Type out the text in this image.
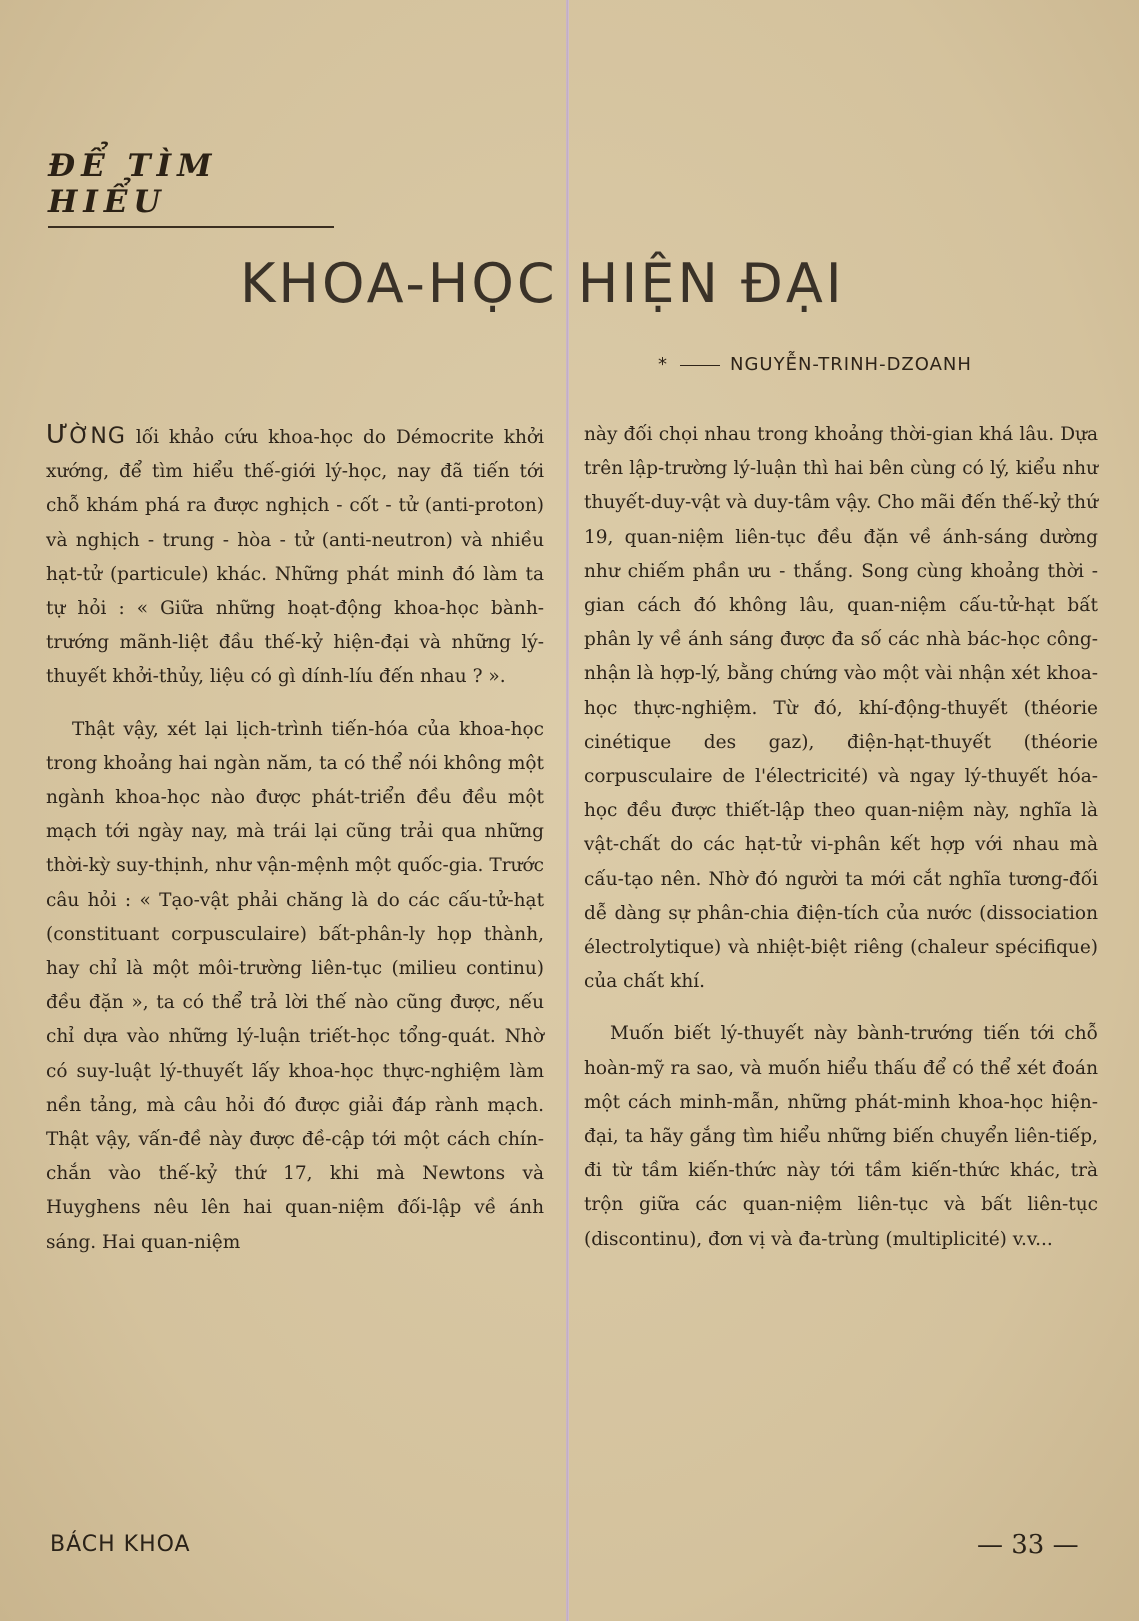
ĐỂ TÌM HIỂU
KHOA-HỌC HIỆN ĐẠI
*	NGUYỄN-TRINH-DZOANH

ƯỜNG lối khảo cứu khoa-học do Démocrite khởi xướng, để tìm hiểu thế-giới lý-học, nay đã tiến tới chỗ khám phá ra được nghịch - cốt - tử (anti-proton) và nghịch - trung - hòa - tử (anti-neutron) và nhiều hạt-tử (particule) khác. Những phát minh đó làm ta tự hỏi : « Giữa những hoạt-động khoa-học bành-trướng mãnh-liệt đầu thế-kỷ hiện-đại và những lý-thuyết khởi-thủy, liệu có gì dính-líu đến nhau ? ».

Thật vậy, xét lại lịch-trình tiến-hóa của khoa-học trong khoảng hai ngàn năm, ta có thể nói không một ngành khoa-học nào được phát-triển đều đều một mạch tới ngày nay, mà trái lại cũng trải qua những thời-kỳ suy-thịnh, như vận-mệnh một quốc-gia. Trước câu hỏi : « Tạo-vật phải chăng là do các cấu-tử-hạt (constituant corpusculaire) bất-phân-ly họp thành, hay chỉ là một môi-trường liên-tục (milieu continu) đều đặn », ta có thể trả lời thế nào cũng được, nếu chỉ dựa vào những lý-luận triết-học tổng-quát. Nhờ có suy-luật lý-thuyết lấy khoa-học thực-nghiệm làm nền tảng, mà câu hỏi đó được giải đáp rành mạch. Thật vậy, vấn-đề này được đề-cập tới một cách chín-chắn vào thế-kỷ thứ 17, khi mà Newtons và Huyghens nêu lên hai quan-niệm đối-lập về ánh sáng. Hai quan-niệm

này đối chọi nhau trong khoảng thời-gian khá lâu. Dựa trên lập-trường lý-luận thì hai bên cùng có lý, kiểu như thuyết-duy-vật và duy-tâm vậy. Cho mãi đến thế-kỷ thứ 19, quan-niệm liên-tục đều đặn về ánh-sáng dường như chiếm phần ưu - thắng. Song cùng khoảng thời - gian cách đó không lâu, quan-niệm cấu-tử-hạt bất phân ly về ánh sáng được đa số các nhà bác-học công-nhận là hợp-lý, bằng chứng vào một vài nhận xét khoa-học thực-nghiệm. Từ đó, khí-động-thuyết (théorie cinétique des gaz), điện-hạt-thuyết (théorie corpusculaire de l'électricité) và ngay lý-thuyết hóa-học đều được thiết-lập theo quan-niệm này, nghĩa là vật-chất do các hạt-tử vi-phân kết hợp với nhau mà cấu-tạo nên. Nhờ đó người ta mới cắt nghĩa tương-đối dễ dàng sự phân-chia điện-tích của nước (dissociation électrolytique) và nhiệt-biệt riêng (chaleur spécifique) của chất khí.

Muốn biết lý-thuyết này bành-trướng tiến tới chỗ hoàn-mỹ ra sao, và muốn hiểu thấu để có thể xét đoán một cách minh-mẫn, những phát-minh khoa-học hiện-đại, ta hãy gắng tìm hiểu những biến chuyển liên-tiếp, đi từ tầm kiến-thức này tới tầm kiến-thức khác, trà trộn giữa các quan-niệm liên-tục và bất liên-tục (discontinu), đơn vị và đa-trùng (multiplicité) v.v...

BÁCH KHOA	— 33 —
